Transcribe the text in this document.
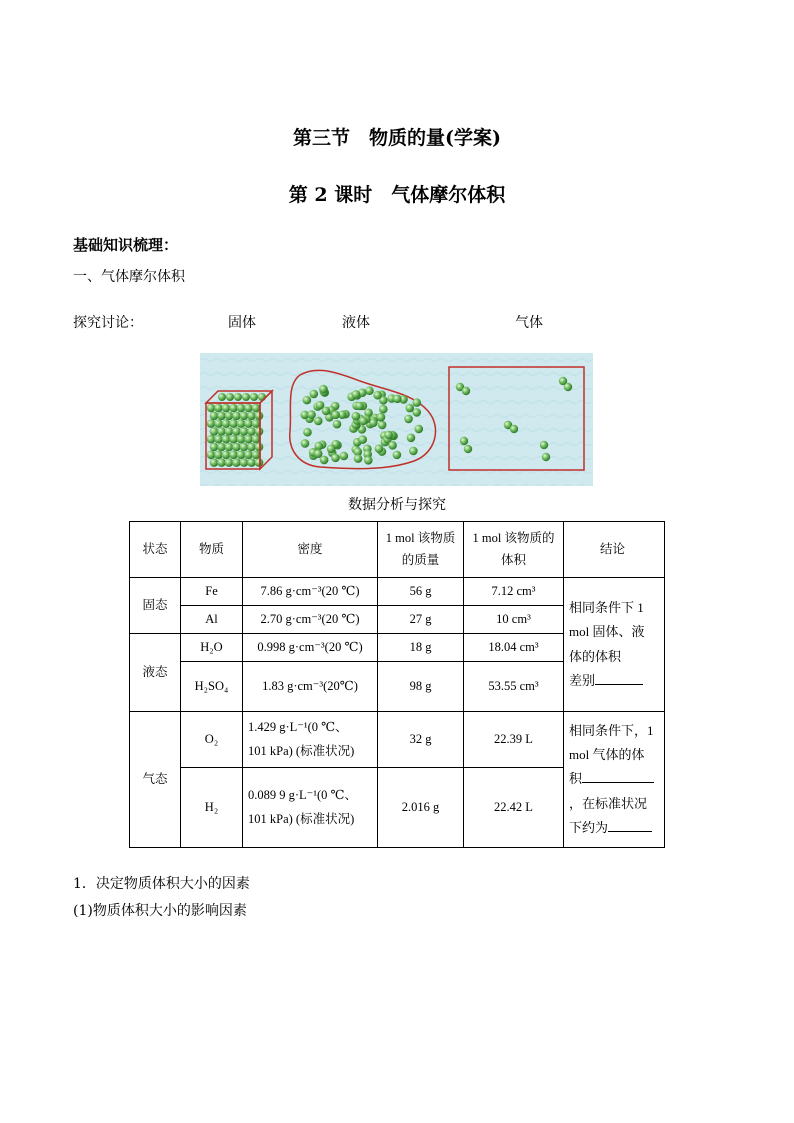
第三节　物质的量(学案)
第 2 课时　气体摩尔体积
基础知识梳理：
一、气体摩尔体积
探究讨论：	固体	液体	气体
数据分析与探究
状态	物质	密度	1 mol 该物质的质量	1 mol 该物质的体积	结论
固态	Fe	7.86 g·cm⁻³(20 ℃)	56 g	7.12 cm³	相同条件下 1
mol 固体、液
体的体积
差别
	Al	2.70 g·cm⁻³(20 ℃)	27 g	10 cm³	
液态	H₂O	0.998 g·cm⁻³(20 ℃)	18 g	18.04 cm³	
	H₂SO₄	1.83 g·cm⁻³(20℃)	98 g	53.55 cm³	
气态	O₂	1.429 g·L⁻¹(0 ℃、
101 kPa) (标准状况)	32 g	22.39 L	相同条件下，1
mol 气体的体
积
，在标准状况
下约为
	H₂	0.089 9 g·L⁻¹(0 ℃、
101 kPa) (标准状况)	2.016 g	22.42 L	
1．决定物质体积大小的因素
(1)物质体积大小的影响因素
